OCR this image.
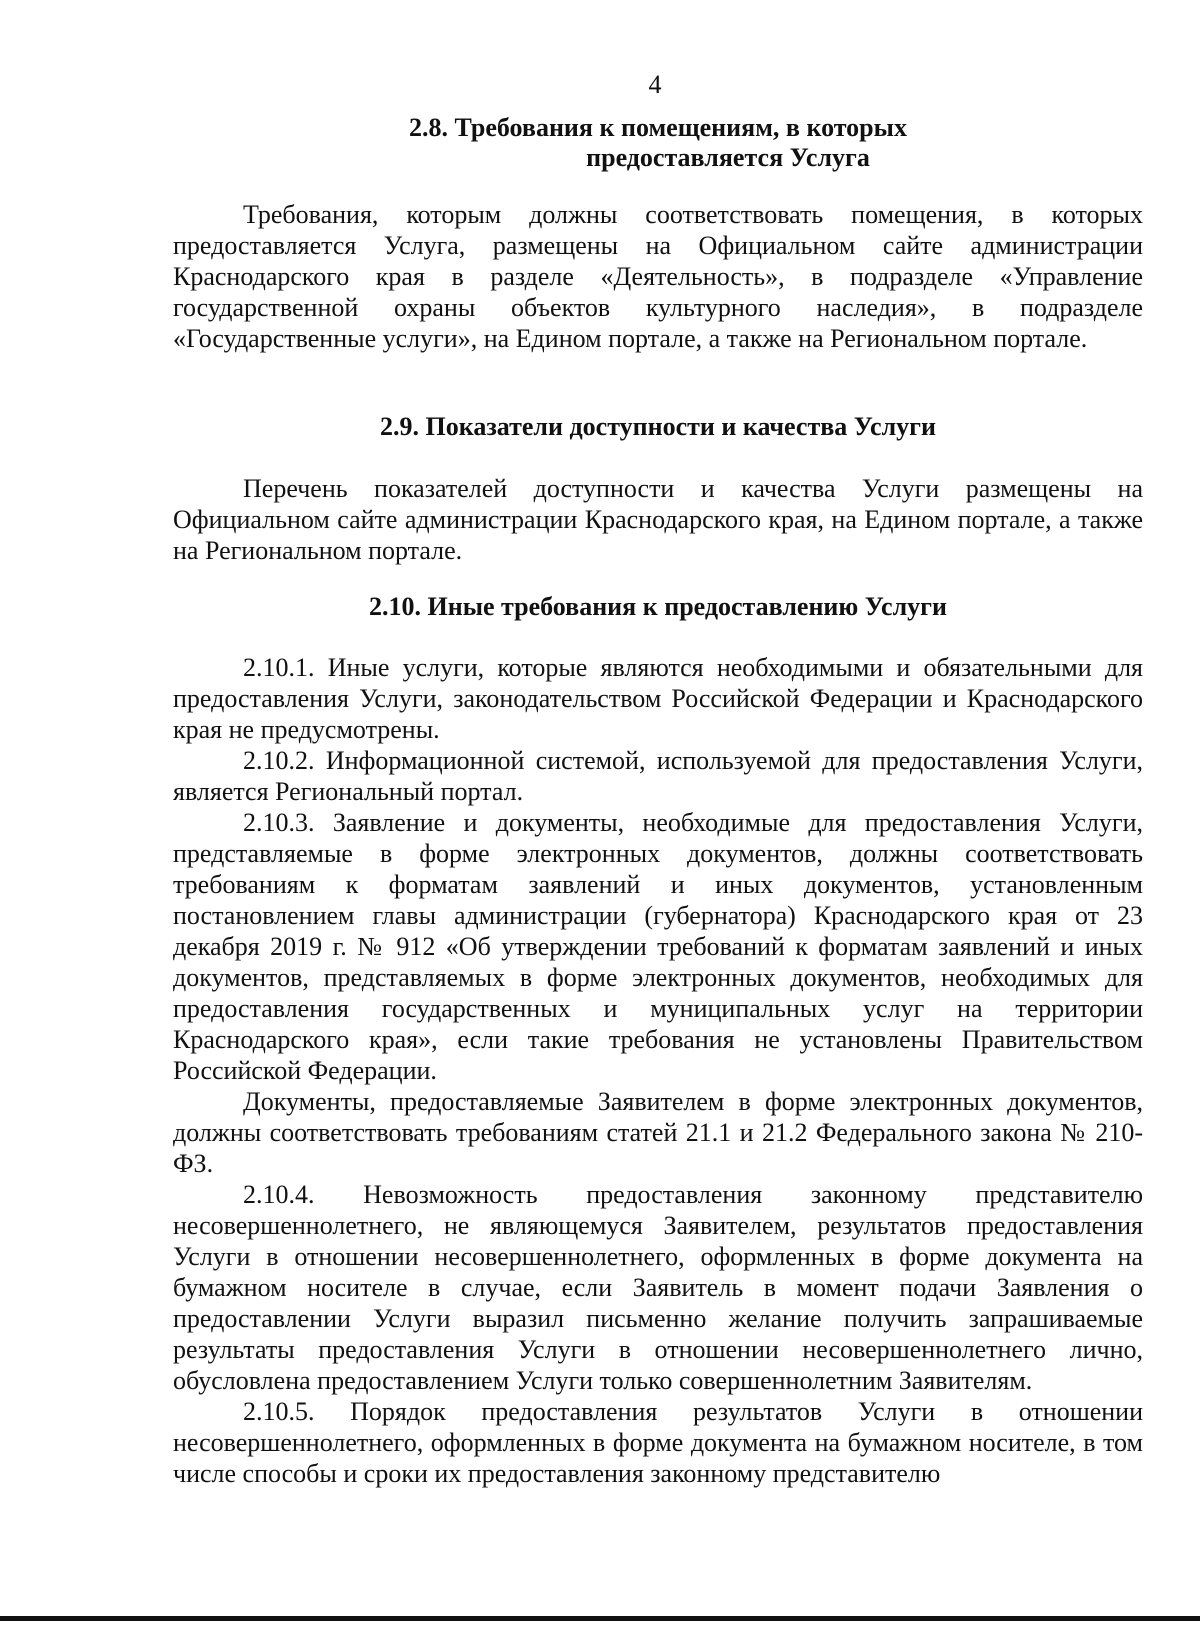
4
2.8. Требования к помещениям, в которых
предоставляется Услуга

Требования, которым должны соответствовать помещения, в которых предоставляется Услуга, размещены на Официальном сайте администрации Краснодарского края в разделе «Деятельность», в подразделе «Управление государственной охраны объектов культурного наследия», в подразделе «Государственные услуги», на Едином портале, а также на Региональном портале.

2.9. Показатели доступности и качества Услуги

Перечень показателей доступности и качества Услуги размещены на Официальном сайте администрации Краснодарского края, на Едином портале, а также на Региональном портале.

2.10. Иные требования к предоставлению Услуги

2.10.1. Иные услуги, которые являются необходимыми и обязательными для предоставления Услуги, законодательством Российской Федерации и Краснодарского края не предусмотрены.

2.10.2. Информационной системой, используемой для предоставления Услуги, является Региональный портал.

2.10.3. Заявление и документы, необходимые для предоставления Услуги, представляемые в форме электронных документов, должны соответствовать требованиям к форматам заявлений и иных документов, установленным постановлением главы администрации (губернатора) Краснодарского края от 23 декабря 2019 г. № 912 «Об утверждении требований к форматам заявлений и иных документов, представляемых в форме электронных документов, необходимых для предоставления государственных и муниципальных услуг на территории Краснодарского края», если такие требования не установлены Правительством Российской Федерации.

Документы, предоставляемые Заявителем в форме электронных документов, должны соответствовать требованиям статей 21.1 и 21.2 Федерального закона № 210-ФЗ.

2.10.4. Невозможность предоставления законному представителю несовершеннолетнего, не являющемуся Заявителем, результатов предоставления Услуги в отношении несовершеннолетнего, оформленных в форме документа на бумажном носителе в случае, если Заявитель в момент подачи Заявления о предоставлении Услуги выразил письменно желание получить запрашиваемые результаты предоставления Услуги в отношении несовершеннолетнего лично, обусловлена предоставлением Услуги только совершеннолетним Заявителям.

2.10.5. Порядок предоставления результатов Услуги в отношении несовершеннолетнего, оформленных в форме документа на бумажном носителе, в том числе способы и сроки их предоставления законному представителю
